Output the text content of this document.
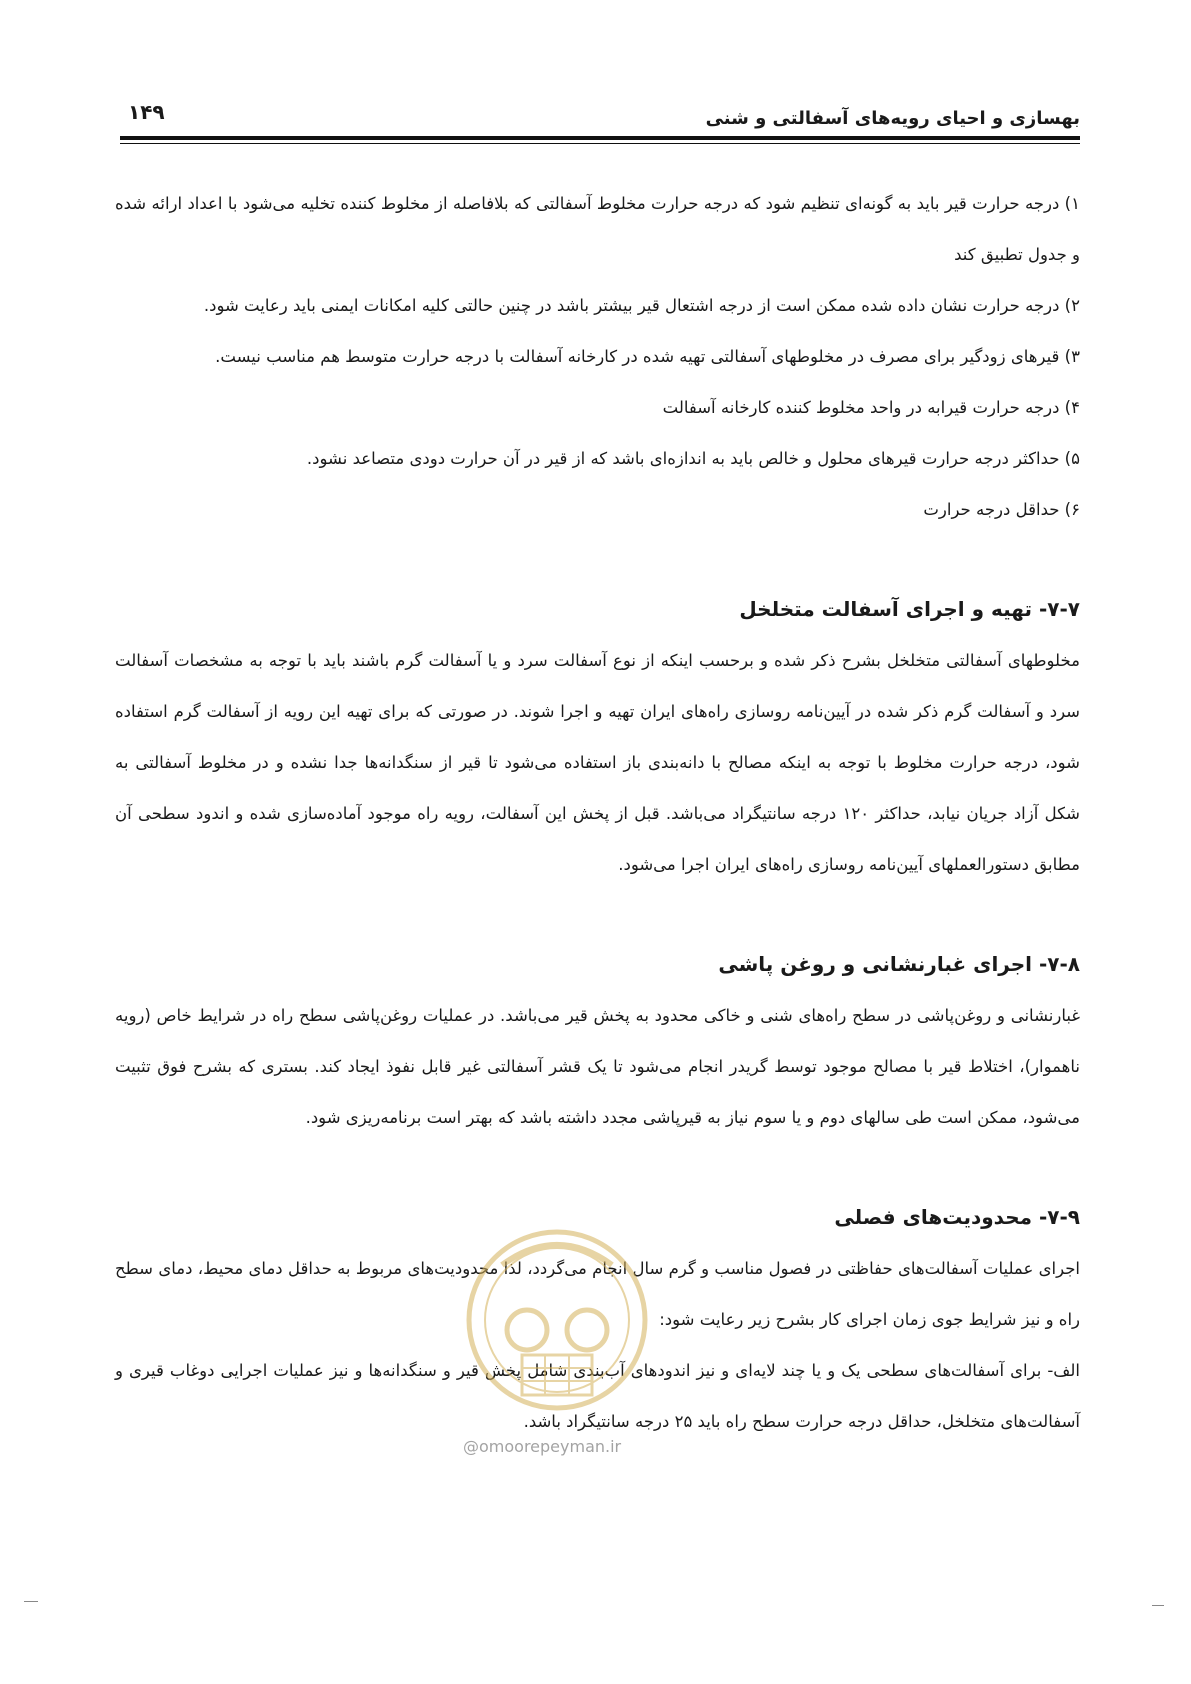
۱۴۹	بهسازی و احیای رویه‌های آسفالتی و شنی

۱) درجه حرارت قیر باید به گونه‌ای تنظیم شود که درجه حرارت مخلوط آسفالتی که بلافاصله از مخلوط کننده تخلیه می‌شود با اعداد ارائه شده و جدول تطبیق کند

۲) درجه حرارت نشان داده شده ممکن است از درجه اشتعال قیر بیشتر باشد در چنین حالتی کلیه امکانات ایمنی باید رعایت شود.

۳) قیرهای زودگیر برای مصرف در مخلوطهای آسفالتی تهیه شده در کارخانه آسفالت با درجه حرارت متوسط هم مناسب نیست.

۴) درجه حرارت قیرابه در واحد مخلوط کننده کارخانه آسفالت

۵) حداکثر درجه حرارت قیرهای محلول و خالص باید به اندازه‌ای باشد که از قیر در آن حرارت دودی متصاعد نشود.

۶) حداقل درجه حرارت

۷-۷- تهیه و اجرای آسفالت متخلخل

مخلوطهای آسفالتی متخلخل بشرح ذکر شده و برحسب اینکه از نوع آسفالت سرد و یا آسفالت گرم باشند باید با توجه به مشخصات آسفالت سرد و آسفالت گرم ذکر شده در آیین‌نامه روسازی راه‌های ایران تهیه و اجرا شوند. در صورتی که برای تهیه این رویه از آسفالت گرم استفاده شود، درجه حرارت مخلوط با توجه به اینکه مصالح با دانه‌بندی باز استفاده می‌شود تا قیر از سنگدانه‌ها جدا نشده و در مخلوط آسفالتی به شکل آزاد جریان نیابد، حداکثر ۱۲۰ درجه سانتیگراد می‌باشد. قبل از پخش این آسفالت، رویه راه موجود آماده‌سازی شده و اندود سطحی آن مطابق دستورالعملهای آیین‌نامه روسازی راه‌های ایران اجرا می‌شود.

۷-۸- اجرای غبارنشانی و روغن پاشی

غبارنشانی و روغن‌پاشی در سطح راه‌های شنی و خاکی محدود به پخش قیر می‌باشد. در عملیات روغن‌پاشی سطح راه در شرایط خاص (رویه ناهموار)، اختلاط قیر با مصالح موجود توسط گریدر انجام می‌شود تا یک قشر آسفالتی غیر قابل نفوذ ایجاد کند. بستری که بشرح فوق تثبیت می‌شود، ممکن است طی سالهای دوم و یا سوم نیاز به قیرپاشی مجدد داشته باشد که بهتر است برنامه‌ریزی شود.

۷-۹- محدودیت‌های فصلی

اجرای عملیات آسفالت‌های حفاظتی در فصول مناسب و گرم سال انجام می‌گردد، لذا محدودیت‌های مربوط به حداقل دمای محیط، دمای سطح راه و نیز شرایط جوی زمان اجرای کار بشرح زیر رعایت شود:

الف- برای آسفالت‌های سطحی یک و یا چند لایه‌ای و نیز اندودهای آب‌بندی شامل پخش قیر و سنگدانه‌ها و نیز عملیات اجرایی دوغاب قیری و آسفالت‌های متخلخل، حداقل درجه حرارت سطح راه باید ۲۵ درجه سانتیگراد باشد.

@omoorepeyman.ir
